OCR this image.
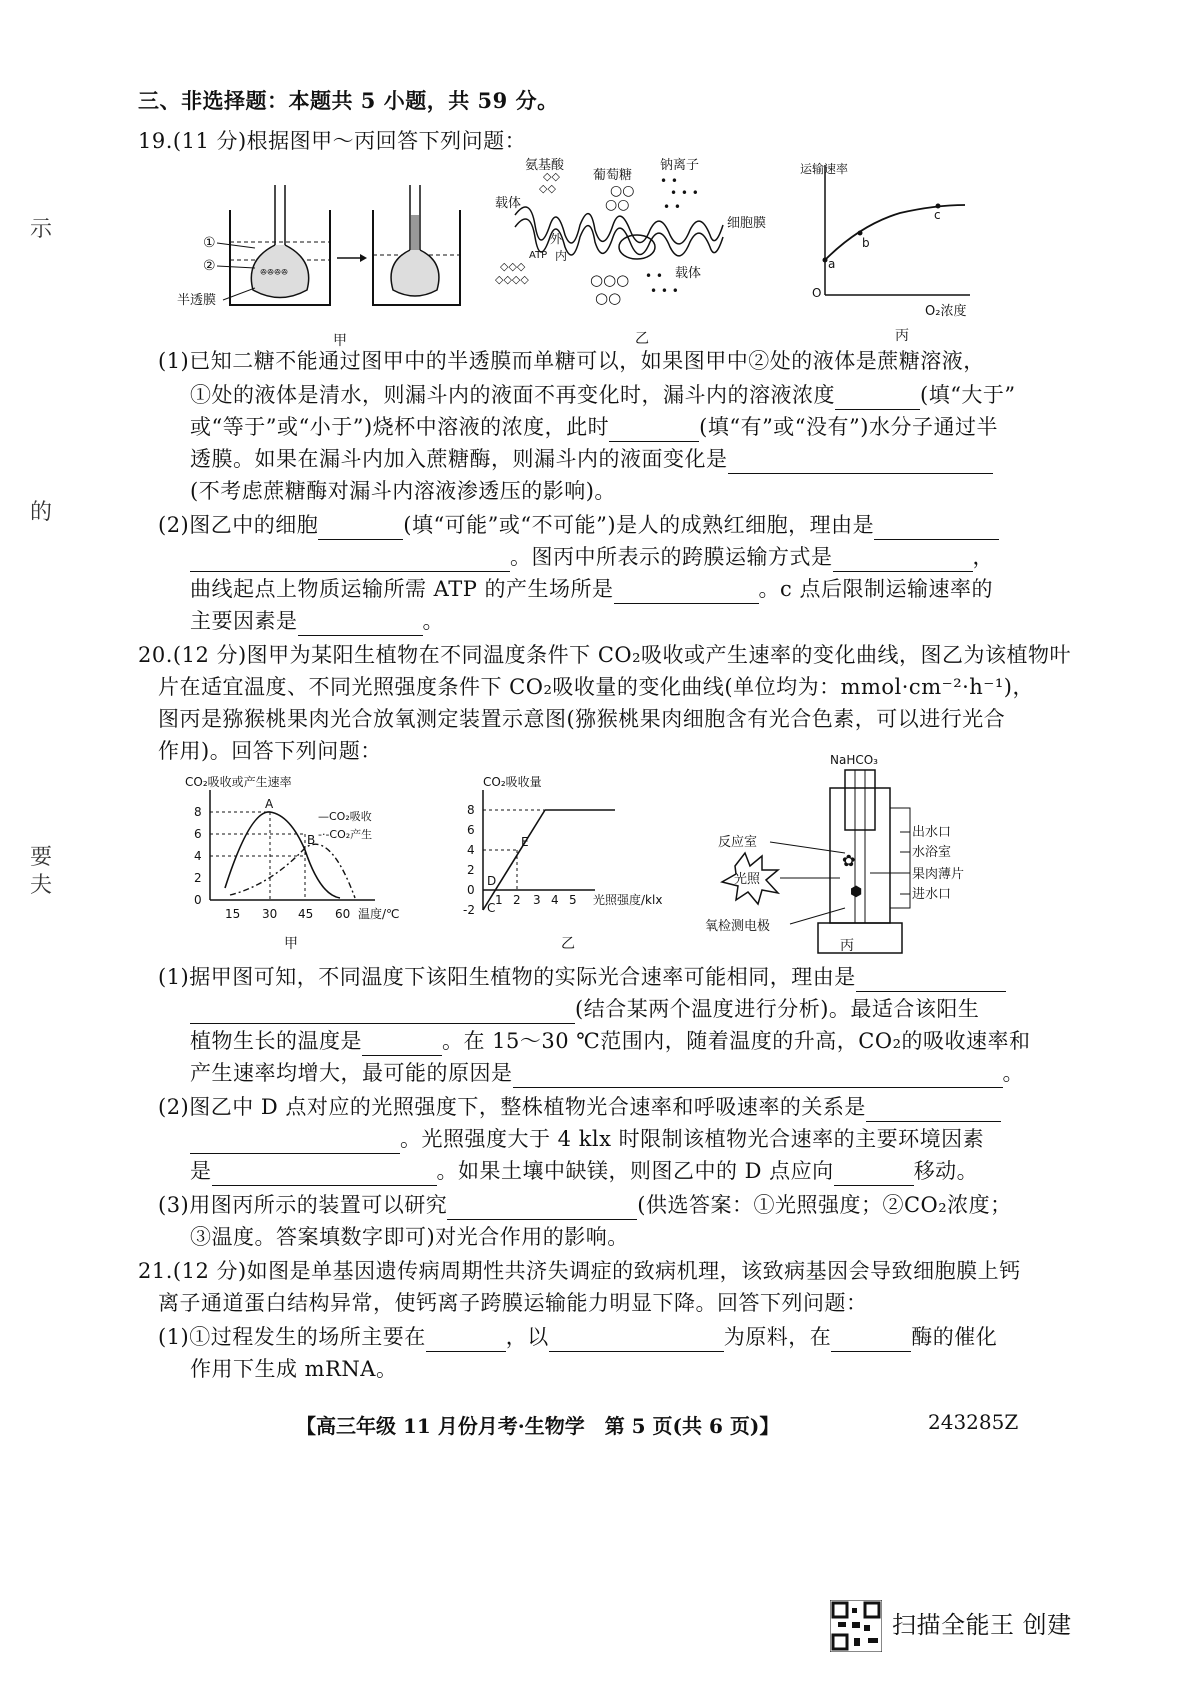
示
的
要
夫
三、非选择题：本题共 5 小题，共 59 分。
19.(11 分)根据图甲～丙回答下列问题：
ꔮꔮꔮꔮ
①
②
半透膜
甲
氨基酸
葡萄糖
钠离子
◇◇
◇◇	○○
○○
• •
• • •
• •
载体
外
内
ATP
细胞膜
载体
◇◇◇
◇◇◇◇	○○○
○○
• •
• • •
乙
运输速率
a
b
c
O
O₂浓度
丙
(1)已知二糖不能通过图甲中的半透膜而单糖可以，如果图甲中②处的液体是蔗糖溶液，
①处的液体是清水，则漏斗内的液面不再变化时，漏斗内的溶液浓度	(填“大于”
或“等于”或“小于”)烧杯中溶液的浓度，此时	(填“有”或“没有”)水分子通过半
透膜。如果在漏斗内加入蔗糖酶，则漏斗内的液面变化是
(不考虑蔗糖酶对漏斗内溶液渗透压的影响)。
(2)图乙中的细胞	(填“可能”或“不可能”)是人的成熟红细胞，理由是
。图丙中所表示的跨膜运输方式是	，
曲线起点上物质运输所需 ATP 的产生场所是	。c 点后限制运输速率的
主要因素是	。
20.(12 分)图甲为某阳生植物在不同温度条件下 CO₂吸收或产生速率的变化曲线，图乙为该植物叶
片在适宜温度、不同光照强度条件下 CO₂吸收量的变化曲线(单位均为：mmol·cm⁻²·h⁻¹)，
图丙是猕猴桃果肉光合放氧测定装置示意图(猕猴桃果肉细胞含有光合色素，可以进行光合
作用)。回答下列问题：
CO₂吸收或产生速率
0
2
4
6
8
15 30 45 60
A
B
—CO₂吸收
-·-CO₂产生
温度/℃
甲
CO₂吸收量
-2
0
2
4
6
8
1 2 3 4 5
D
C
E
光照强度/klx
乙
NaHCO₃
✿
⬢
反应室
出水口
水浴室
果肉薄片
进水口
光照
氧检测电极
丙
(1)据甲图可知，不同温度下该阳生植物的实际光合速率可能相同，理由是
(结合某两个温度进行分析)。最适合该阳生
植物生长的温度是	。在 15～30 ℃范围内，随着温度的升高，CO₂的吸收速率和
产生速率均增大，最可能的原因是	。
(2)图乙中 D 点对应的光照强度下，整株植物光合速率和呼吸速率的关系是
。光照强度大于 4 klx 时限制该植物光合速率的主要环境因素
是	。如果土壤中缺镁，则图乙中的 D 点应向	移动。
(3)用图丙所示的装置可以研究	(供选答案：①光照强度；②CO₂浓度；
③温度。答案填数字即可)对光合作用的影响。
21.(12 分)如图是单基因遗传病周期性共济失调症的致病机理，该致病基因会导致细胞膜上钙
离子通道蛋白结构异常，使钙离子跨膜运输能力明显下降。回答下列问题：
(1)①过程发生的场所主要在	，以	为原料，在	酶的催化
作用下生成 mRNA。
【高三年级 11 月份月考·生物学　第 5 页(共 6 页)】	243285Z
扫描全能王 创建
